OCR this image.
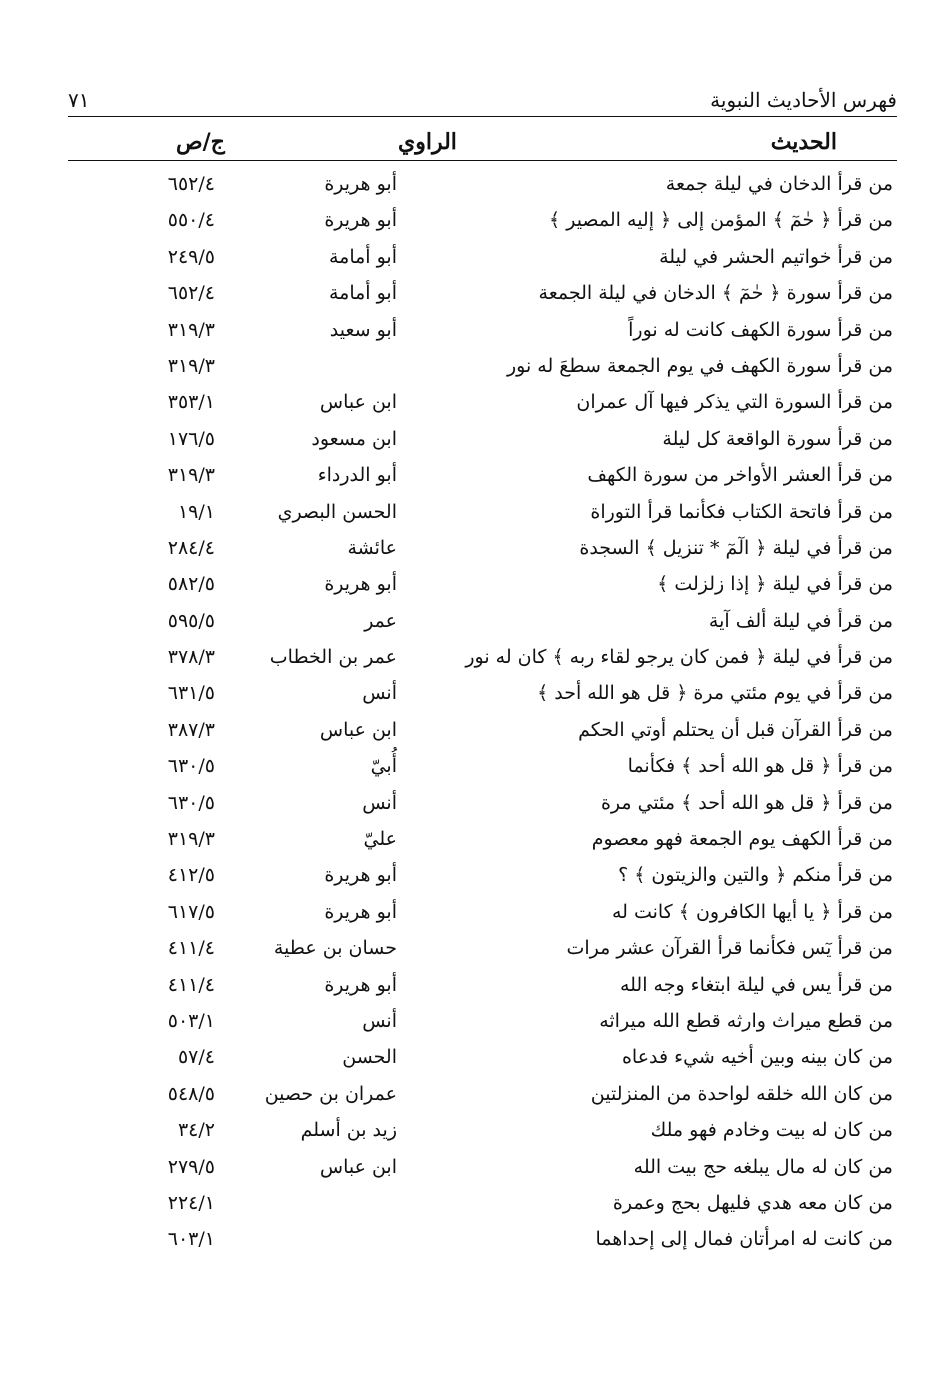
فهرس الأحاديث النبوية
٧١
الحديث
الراوي
ج/ص
من قرأ الدخان في ليلة جمعة
أبو هريرة
٦٥٢/٤
من قرأ ﴿ حٰمٓ ﴾ المؤمن إلى ﴿ إليه المصير ﴾
أبو هريرة
٥٥٠/٤
من قرأ خواتيم الحشر في ليلة
أبو أمامة
٢٤٩/٥
من قرأ سورة ﴿ حٰمٓ ﴾ الدخان في ليلة الجمعة
أبو أمامة
٦٥٢/٤
من قرأ سورة الكهف كانت له نوراً
أبو سعيد
٣١٩/٣
من قرأ سورة الكهف في يوم الجمعة سطعَ له نور
٣١٩/٣
من قرأ السورة التي يذكر فيها آل عمران
ابن عباس
٣٥٣/١
من قرأ سورة الواقعة كل ليلة
ابن مسعود
١٧٦/٥
من قرأ العشر الأواخر من سورة الكهف
أبو الدرداء
٣١٩/٣
من قرأ فاتحة الكتاب فكأنما قرأ التوراة
الحسن البصري
١٩/١
من قرأ في ليلة ﴿ الٓمٓ * تنزيل ﴾ السجدة
عائشة
٢٨٤/٤
من قرأ في ليلة ﴿ إذا زلزلت ﴾
أبو هريرة
٥٨٢/٥
من قرأ في ليلة ألف آية
عمر
٥٩٥/٥
من قرأ في ليلة ﴿ فمن كان يرجو لقاء ربه ﴾ كان له نور
عمر بن الخطاب
٣٧٨/٣
من قرأ في يوم مئتي مرة ﴿ قل هو الله أحد ﴾
أنس
٦٣١/٥
من قرأ القرآن قبل أن يحتلم أوتي الحكم
ابن عباس
٣٨٧/٣
من قرأ ﴿ قل هو الله أحد ﴾ فكأنما
أُبيّ
٦٣٠/٥
من قرأ ﴿ قل هو الله أحد ﴾ مئتي مرة
أنس
٦٣٠/٥
من قرأ الكهف يوم الجمعة فهو معصوم
عليّ
٣١٩/٣
من قرأ منكم ﴿ والتين والزيتون ﴾ ؟
أبو هريرة
٤١٢/٥
من قرأ ﴿ يا أيها الكافرون ﴾ كانت له
أبو هريرة
٦١٧/٥
من قرأ يٓس فكأنما قرأ القرآن عشر مرات
حسان بن عطية
٤١١/٤
من قرأ يس في ليلة ابتغاء وجه الله
أبو هريرة
٤١١/٤
من قطع ميراث وارثه قطع الله ميراثه
أنس
٥٠٣/١
من كان بينه وبين أخيه شيء فدعاه
الحسن
٥٧/٤
من كان الله خلقه لواحدة من المنزلتين
عمران بن حصين
٥٤٨/٥
من كان له بيت وخادم فهو ملك
زيد بن أسلم
٣٤/٢
من كان له مال يبلغه حج بيت الله
ابن عباس
٢٧٩/٥
من كان معه هدي فليهل بحج وعمرة
٢٢٤/١
من كانت له امرأتان فمال إلى إحداهما
٦٠٣/١
